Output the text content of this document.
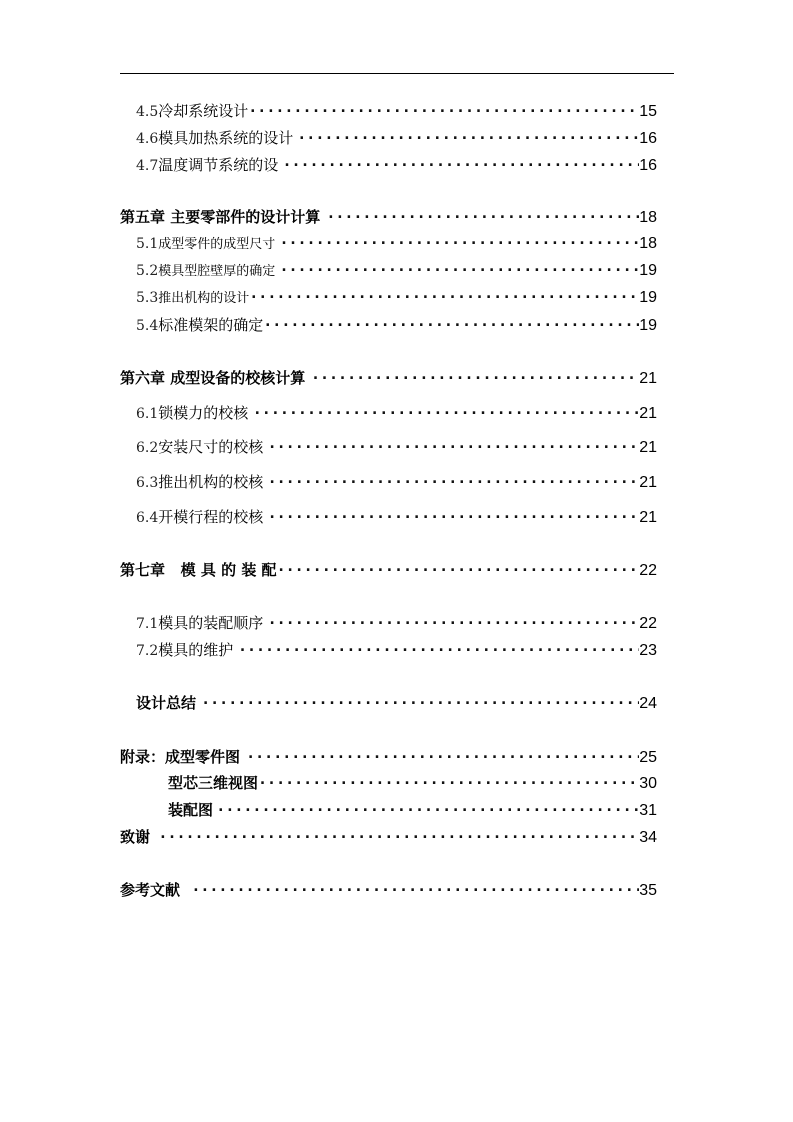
4.5 冷却系统设计 ·····	15
4.6 模具加热系统的设计 ·····	16
4.7 温度调节系统的设 ·····	16
第五章 主要零部件的设计计算 ·····	18
5.1 成型零件的成型尺寸 ·····	18
5.2 模具型腔壁厚的确定 ·····	19
5.3 推出机构的设计 ·····	19
5.4 标准模架的确定 ·····	19
第六章 成型设备的校核计算 ·····	21
6.1 锁模力的校核 ·····	21
6.2 安装尺寸的校核 ·····	21
6.3 推出机构的校核 ·····	21
6.4 开模行程的校核 ·····	21
第七章   模 具 的 装 配 ·····	22
7.1 模具的装配顺序 ·····	22
7.2 模具的维护 ·····	23
设计总结 ·····	24
附录：成型零件图 ·····	25
型芯三维视图 ·····	30
装配图 ·····	31
致谢 ·····	34
参考文献 ·····	35
